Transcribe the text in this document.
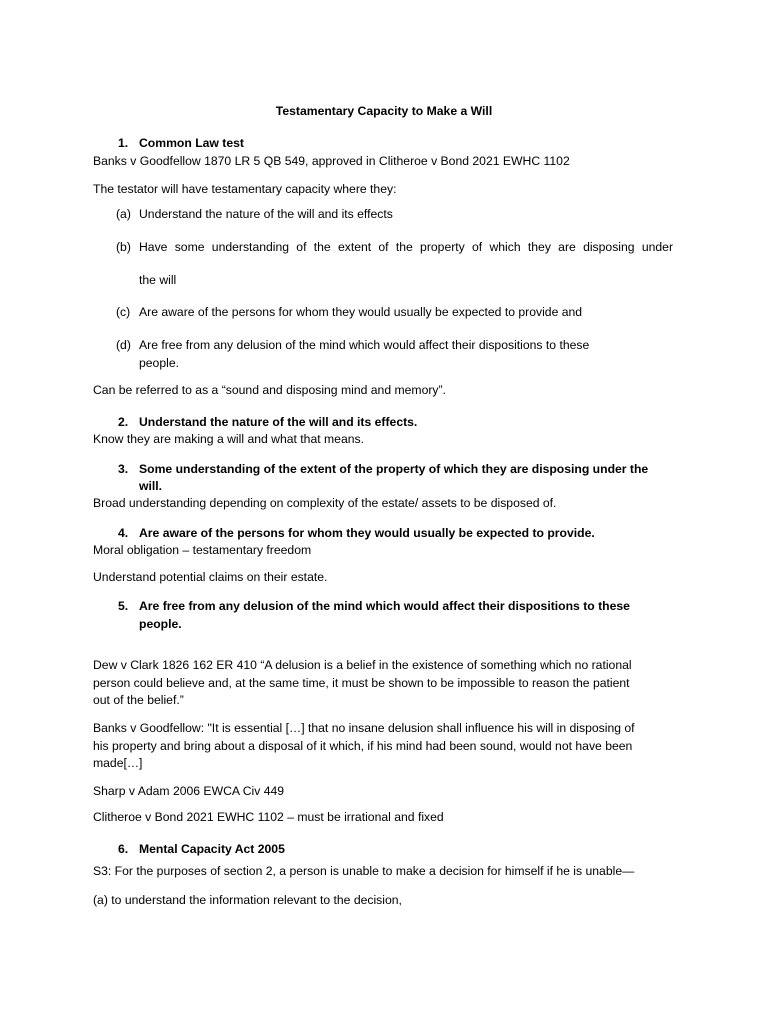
Testamentary Capacity to Make a Will

1. Common Law test

Banks v Goodfellow 1870 LR 5 QB 549, approved in Clitheroe v Bond 2021 EWHC 1102

The testator will have testamentary capacity where they:

(a) Understand the nature of the will and its effects
(b) Have some understanding of the extent of the property of which they are disposing under
the will
(c) Are aware of the persons for whom they would usually be expected to provide and
(d) Are free from any delusion of the mind which would affect their dispositions to these
people.

Can be referred to as a “sound and disposing mind and memory”.

2. Understand the nature of the will and its effects.

Know they are making a will and what that means.

3. Some understanding of the extent of the property of which they are disposing under the
will.

Broad understanding depending on complexity of the estate/ assets to be disposed of.

4. Are aware of the persons for whom they would usually be expected to provide.

Moral obligation – testamentary freedom

Understand potential claims on their estate.

5. Are free from any delusion of the mind which would affect their dispositions to these
people.

Dew v Clark 1826 162 ER 410 “A delusion is a belief in the existence of something which no rational

person could believe and, at the same time, it must be shown to be impossible to reason the patient

out of the belief.”

Banks v Goodfellow: "It is essential […] that no insane delusion shall influence his will in disposing of

his property and bring about a disposal of it which, if his mind had been sound, would not have been

made[…]

Sharp v Adam 2006 EWCA Civ 449

Clitheroe v Bond 2021 EWHC 1102 – must be irrational and fixed

6. Mental Capacity Act 2005

S3: For the purposes of section 2, a person is unable to make a decision for himself if he is unable—

(a) to understand the information relevant to the decision,
